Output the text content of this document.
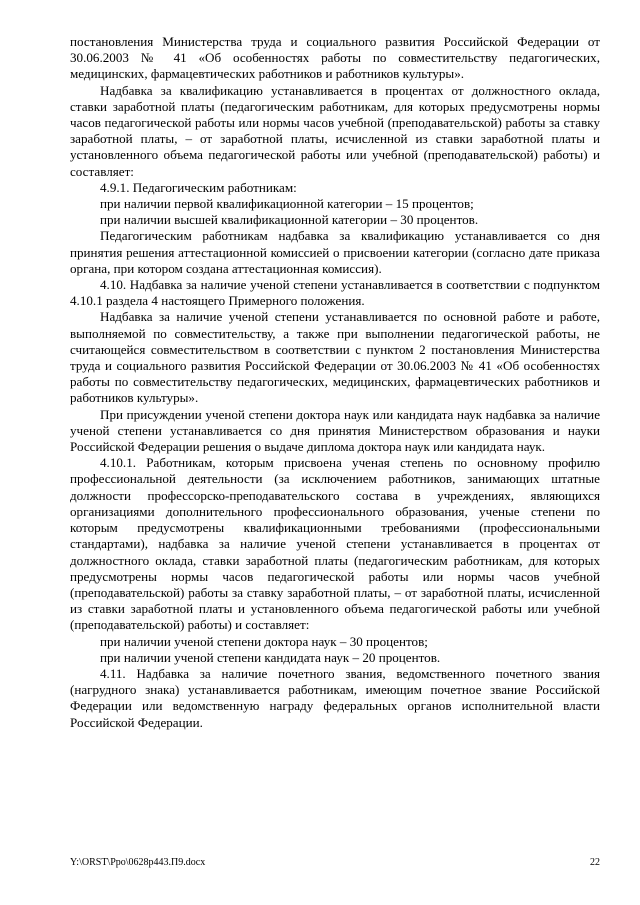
постановления Министерства труда и социального развития Российской Федерации от 30.06.2003 № 41 «Об особенностях работы по совместительству педагогических, медицинских, фармацевтических работников и работников культуры».

Надбавка за квалификацию устанавливается в процентах от должностного оклада, ставки заработной платы (педагогическим работникам, для которых предусмотрены нормы часов педагогической работы или нормы часов учебной (преподавательской) работы за ставку заработной платы, – от заработной платы, исчисленной из ставки заработной платы и установленного объема педагогической работы или учебной (преподавательской) работы) и составляет:

4.9.1. Педагогическим работникам:

при наличии первой квалификационной категории – 15 процентов;

при наличии высшей квалификационной категории – 30 процентов.

Педагогическим работникам надбавка за квалификацию устанавливается со дня принятия решения аттестационной комиссией о присвоении категории (согласно дате приказа органа, при котором создана аттестационная комиссия).

4.10. Надбавка за наличие ученой степени устанавливается в соответствии с подпунктом 4.10.1 раздела 4 настоящего Примерного положения.

Надбавка за наличие ученой степени устанавливается по основной работе и работе, выполняемой по совместительству, а также при выполнении педагогической работы, не считающейся совместительством в соответствии с пунктом 2 постановления Министерства труда и социального развития Российской Федерации от 30.06.2003 № 41 «Об особенностях работы по совместительству педагогических, медицинских, фармацевтических работников и работников культуры».

При присуждении ученой степени доктора наук или кандидата наук надбавка за наличие ученой степени устанавливается со дня принятия Министерством образования и науки Российской Федерации решения о выдаче диплома доктора наук или кандидата наук.

4.10.1. Работникам, которым присвоена ученая степень по основному профилю профессиональной деятельности (за исключением работников, занимающих штатные должности профессорско-преподавательского состава в учреждениях, являющихся организациями дополнительного профессионального образования, ученые степени по которым предусмотрены квалификационными требованиями (профессиональными стандартами), надбавка за наличие ученой степени устанавливается в процентах от должностного оклада, ставки заработной платы (педагогическим работникам, для которых предусмотрены нормы часов педагогической работы или нормы часов учебной (преподавательской) работы за ставку заработной платы, – от заработной платы, исчисленной из ставки заработной платы и установленного объема педагогической работы или учебной (преподавательской) работы) и составляет:

при наличии ученой степени доктора наук – 30 процентов;

при наличии ученой степени кандидата наук – 20 процентов.

4.11. Надбавка за наличие почетного звания, ведомственного почетного звания (нагрудного знака) устанавливается работникам, имеющим почетное звание Российской Федерации или ведомственную награду федеральных органов исполнительной власти Российской Федерации.

Y:\ORST\Ppo\0628p443.П9.docx	22
